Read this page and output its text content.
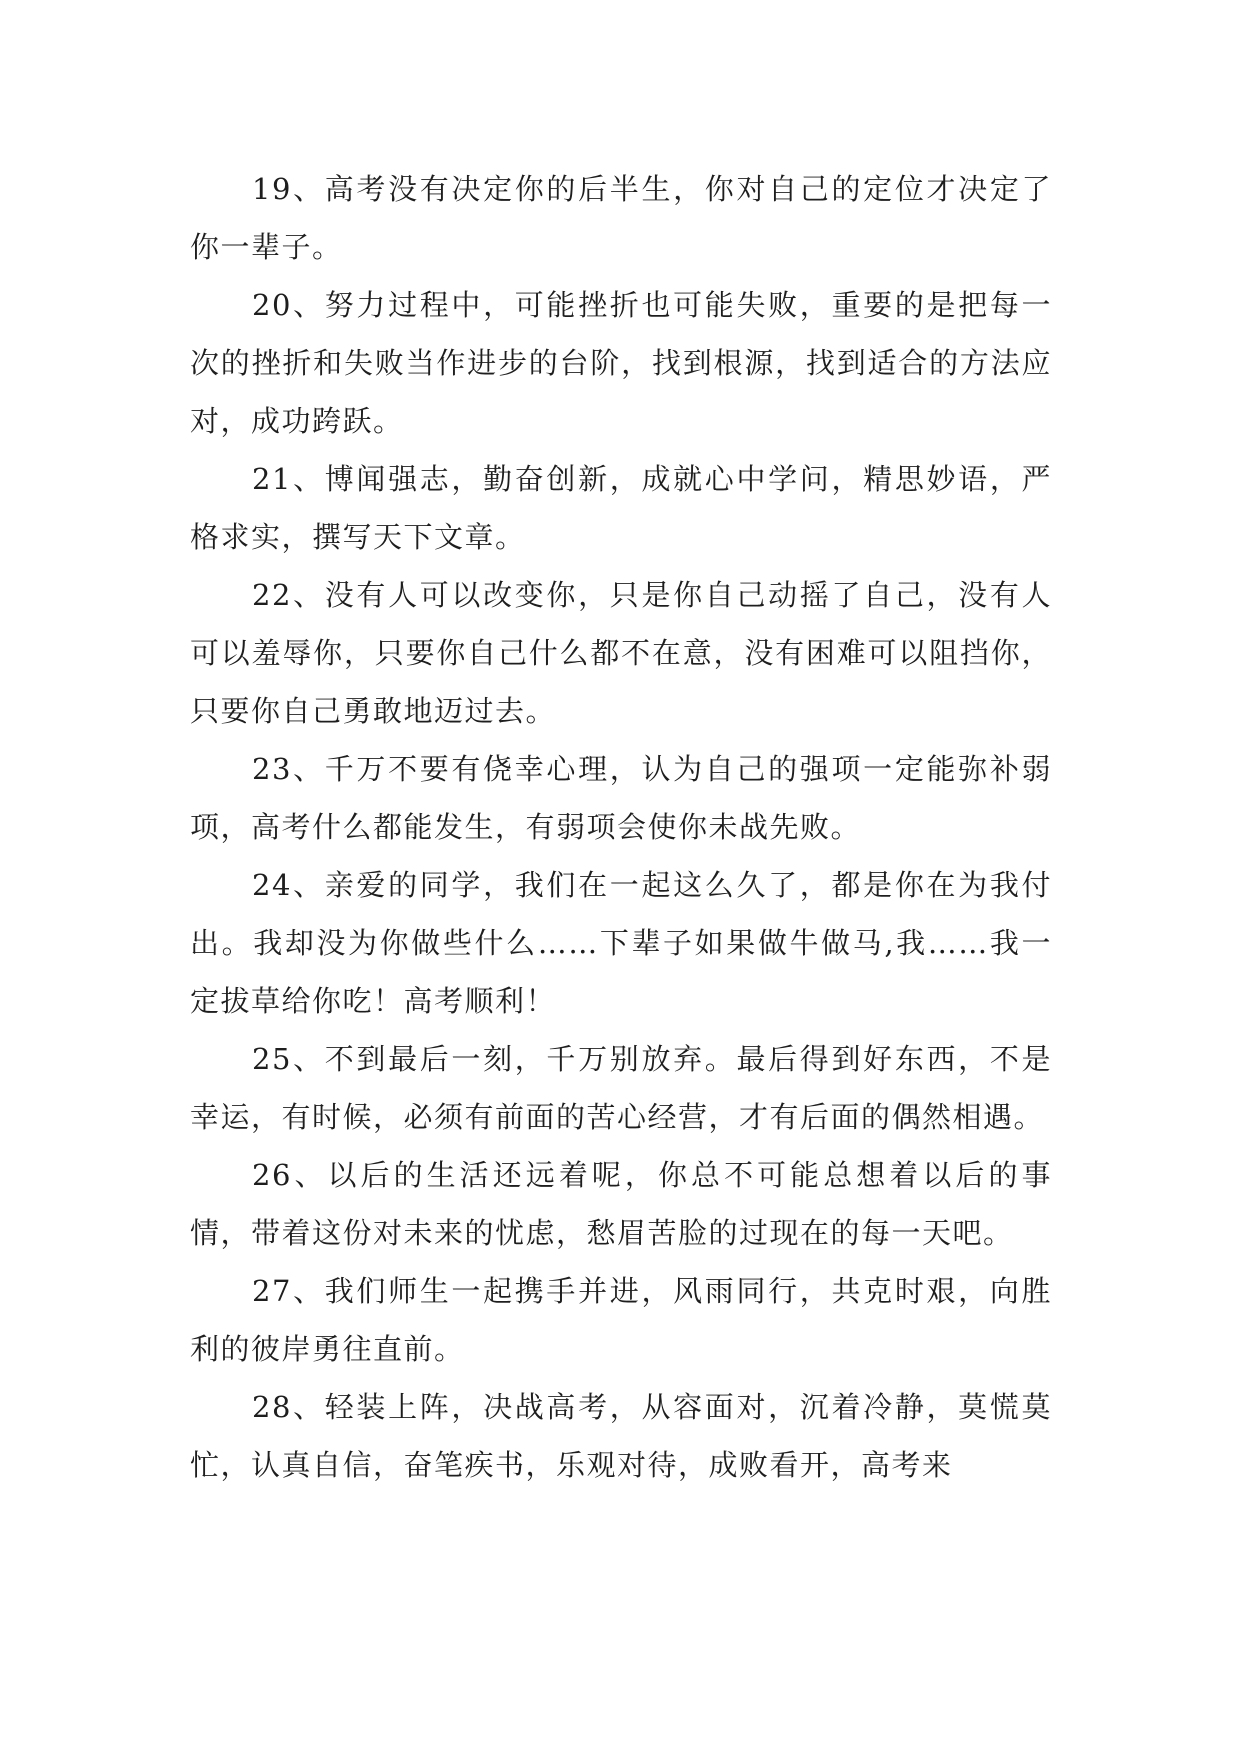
19、高考没有决定你的后半生，你对自己的定位才决定了你一辈子。

20、努力过程中，可能挫折也可能失败，重要的是把每一次的挫折和失败当作进步的台阶，找到根源，找到适合的方法应对，成功跨跃。

21、博闻强志，勤奋创新，成就心中学问，精思妙语，严格求实，撰写天下文章。

22、没有人可以改变你，只是你自己动摇了自己，没有人可以羞辱你，只要你自己什么都不在意，没有困难可以阻挡你，只要你自己勇敢地迈过去。

23、千万不要有侥幸心理，认为自己的强项一定能弥补弱项，高考什么都能发生，有弱项会使你未战先败。

24、亲爱的同学，我们在一起这么久了，都是你在为我付出。我却没为你做些什么……下辈子如果做牛做马,我……我一定拔草给你吃！高考顺利！

25、不到最后一刻，千万别放弃。最后得到好东西，不是幸运，有时候，必须有前面的苦心经营，才有后面的偶然相遇。

26、以后的生活还远着呢，你总不可能总想着以后的事情，带着这份对未来的忧虑，愁眉苦脸的过现在的每一天吧。

27、我们师生一起携手并进，风雨同行，共克时艰，向胜利的彼岸勇往直前。

28、轻装上阵，决战高考，从容面对，沉着冷静，莫慌莫忙，认真自信，奋笔疾书，乐观对待，成败看开，高考来
